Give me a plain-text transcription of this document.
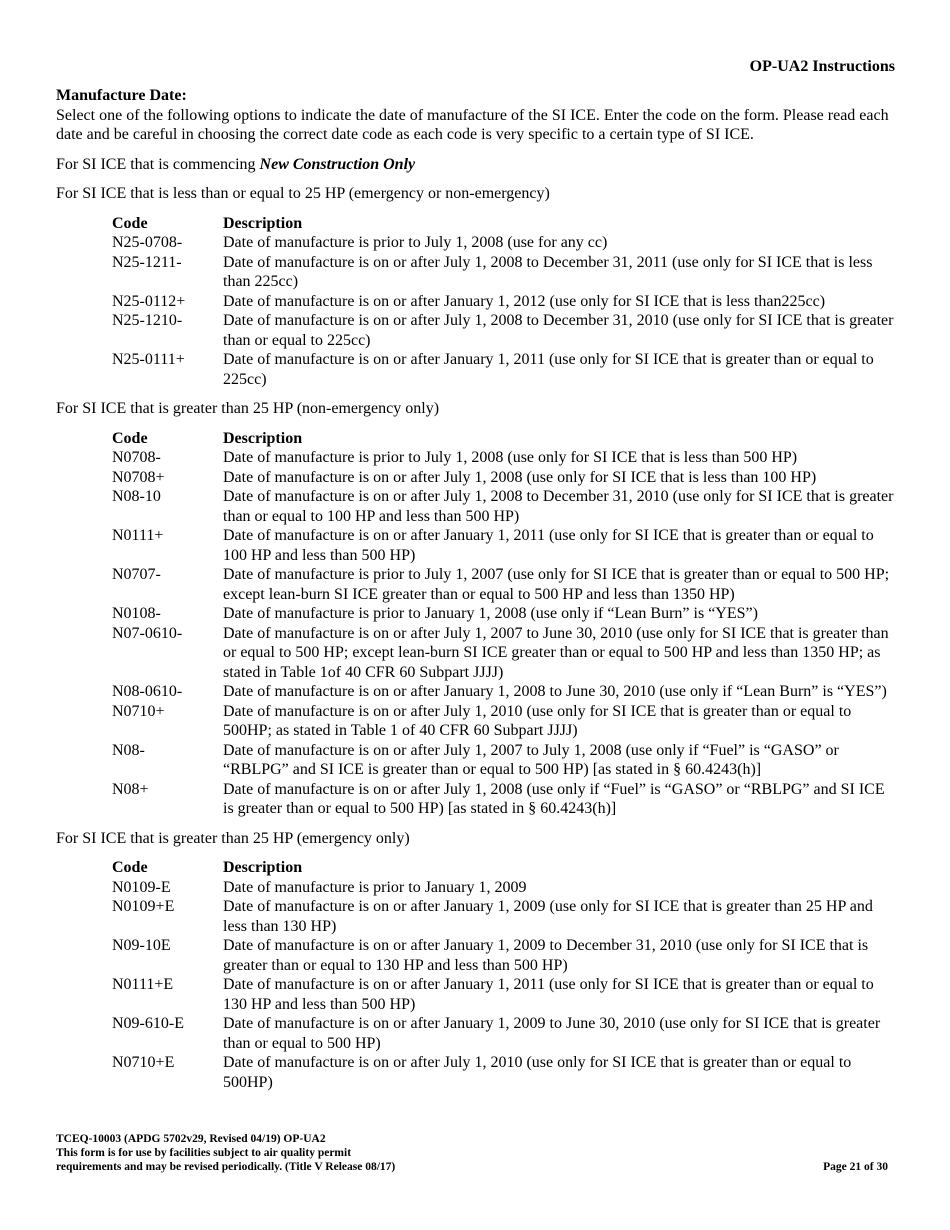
OP-UA2 Instructions

Manufacture Date:

Select one of the following options to indicate the date of manufacture of the SI ICE. Enter the code on the form. Please read each date and be careful in choosing the correct date code as each code is very specific to a certain type of SI ICE.

For SI ICE that is commencing New Construction Only

For SI ICE that is less than or equal to 25 HP (emergency or non-emergency)

Code	Description
N25-0708-	Date of manufacture is prior to July 1, 2008 (use for any cc)
N25-1211-	Date of manufacture is on or after July 1, 2008 to December 31, 2011 (use only for SI ICE that is less than 225cc)
N25-0112+	Date of manufacture is on or after January 1, 2012 (use only for SI ICE that is less than225cc)
N25-1210-	Date of manufacture is on or after July 1, 2008 to December 31, 2010 (use only for SI ICE that is greater than or equal to 225cc)
N25-0111+	Date of manufacture is on or after January 1, 2011 (use only for SI ICE that is greater than or equal to 225cc)

For SI ICE that is greater than 25 HP (non-emergency only)

Code	Description
N0708-	Date of manufacture is prior to July 1, 2008 (use only for SI ICE that is less than 500 HP)
N0708+	Date of manufacture is on or after July 1, 2008 (use only for SI ICE that is less than 100 HP)
N08-10	Date of manufacture is on or after July 1, 2008 to December 31, 2010 (use only for SI ICE that is greater than or equal to 100 HP and less than 500 HP)
N0111+	Date of manufacture is on or after January 1, 2011 (use only for SI ICE that is greater than or equal to 100 HP and less than 500 HP)
N0707-	Date of manufacture is prior to July 1, 2007 (use only for SI ICE that is greater than or equal to 500 HP; except lean-burn SI ICE greater than or equal to 500 HP and less than 1350 HP)
N0108-	Date of manufacture is prior to January 1, 2008 (use only if “Lean Burn” is “YES”)
N07-0610-	Date of manufacture is on or after July 1, 2007 to June 30, 2010 (use only for SI ICE that is greater than or equal to 500 HP; except lean-burn SI ICE greater than or equal to 500 HP and less than 1350 HP; as stated in Table 1of 40 CFR 60 Subpart JJJJ)
N08-0610-	Date of manufacture is on or after January 1, 2008 to June 30, 2010 (use only if “Lean Burn” is “YES”)
N0710+	Date of manufacture is on or after July 1, 2010 (use only for SI ICE that is greater than or equal to 500HP; as stated in Table 1 of 40 CFR 60 Subpart JJJJ)
N08-	Date of manufacture is on or after July 1, 2007 to July 1, 2008 (use only if “Fuel” is “GASO” or “RBLPG” and SI ICE is greater than or equal to 500 HP) [as stated in § 60.4243(h)]
N08+	Date of manufacture is on or after July 1, 2008 (use only if “Fuel” is “GASO” or “RBLPG” and SI ICE is greater than or equal to 500 HP) [as stated in § 60.4243(h)]

For SI ICE that is greater than 25 HP (emergency only)

Code	Description
N0109-E	Date of manufacture is prior to January 1, 2009
N0109+E	Date of manufacture is on or after January 1, 2009 (use only for SI ICE that is greater than 25 HP and less than 130 HP)
N09-10E	Date of manufacture is on or after January 1, 2009 to December 31, 2010 (use only for SI ICE that is greater than or equal to 130 HP and less than 500 HP)
N0111+E	Date of manufacture is on or after January 1, 2011 (use only for SI ICE that is greater than or equal to 130 HP and less than 500 HP)
N09-610-E	Date of manufacture is on or after January 1, 2009 to June 30, 2010 (use only for SI ICE that is greater than or equal to 500 HP)
N0710+E	Date of manufacture is on or after July 1, 2010 (use only for SI ICE that is greater than or equal to 500HP)
TCEQ-10003 (APDG 5702v29, Revised 04/19) OP-UA2
This form is for use by facilities subject to air quality permit
requirements and may be revised periodically. (Title V Release 08/17)	Page 21 of 30
